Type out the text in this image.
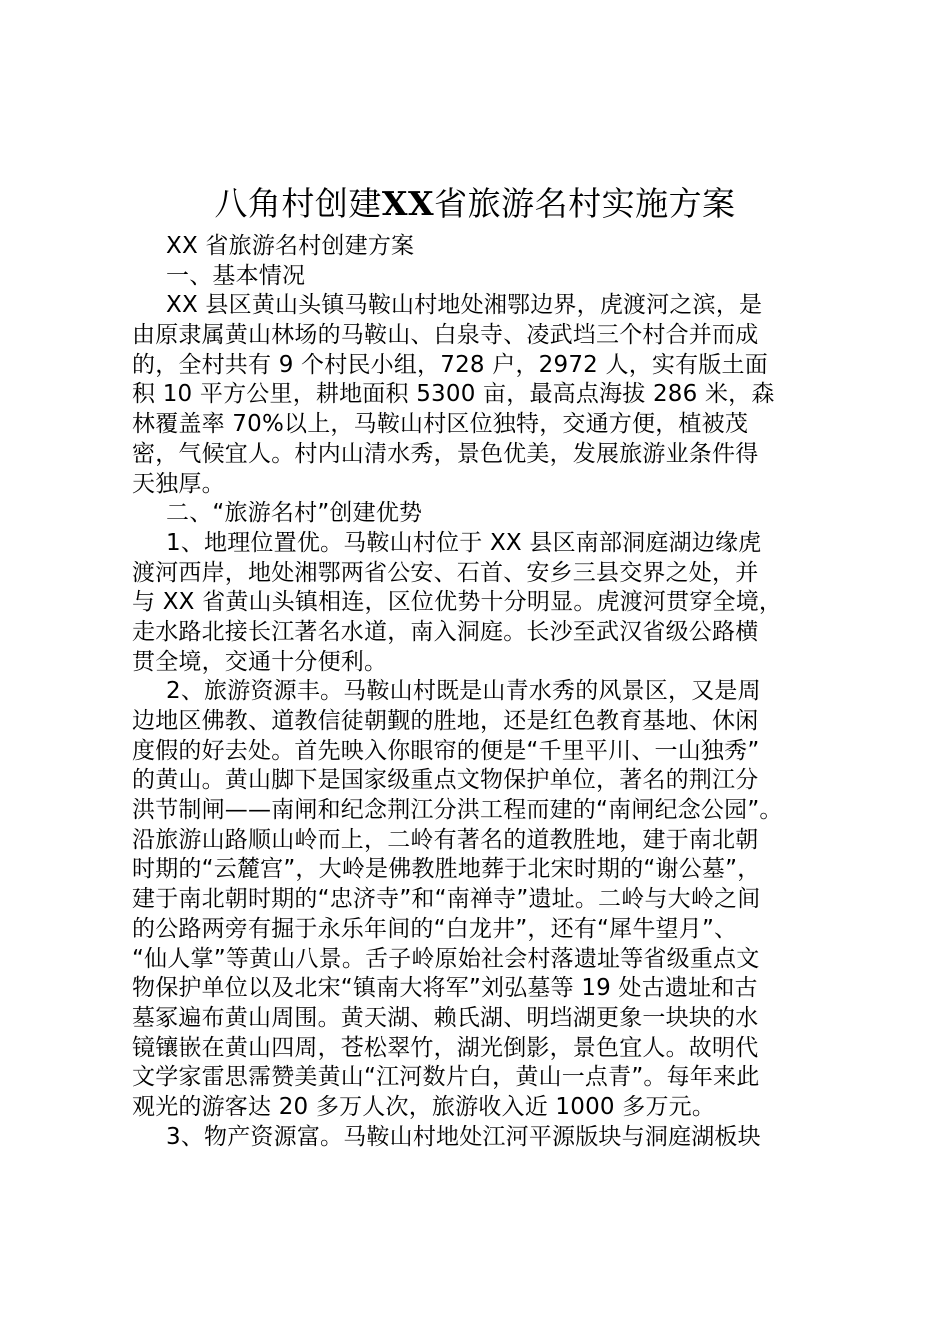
八角村创建XX省旅游名村实施方案
XX 省旅游名村创建方案
一、基本情况
XX 县区黄山头镇马鞍山村地处湘鄂边界，虎渡河之滨，是
由原隶属黄山林场的马鞍山、白泉寺、凌武垱三个村合并而成
的，全村共有 9 个村民小组，728 户，2972 人，实有版土面
积 10 平方公里，耕地面积 5300 亩，最高点海拔 286 米，森
林覆盖率 70%以上，马鞍山村区位独特，交通方便，植被茂
密，气候宜人。村内山清水秀，景色优美，发展旅游业条件得
天独厚。
二、“旅游名村”创建优势
1、地理位置优。马鞍山村位于 XX 县区南部洞庭湖边缘虎
渡河西岸，地处湘鄂两省公安、石首、安乡三县交界之处，并
与 XX 省黄山头镇相连，区位优势十分明显。虎渡河贯穿全境，
走水路北接长江著名水道，南入洞庭。长沙至武汉省级公路横
贯全境，交通十分便利。
2、旅游资源丰。马鞍山村既是山青水秀的风景区，又是周
边地区佛教、道教信徒朝觐的胜地，还是红色教育基地、休闲
度假的好去处。首先映入你眼帘的便是“千里平川、一山独秀”
的黄山。黄山脚下是国家级重点文物保护单位，著名的荆江分
洪节制闸——南闸和纪念荆江分洪工程而建的“南闸纪念公园”。
沿旅游山路顺山岭而上，二岭有著名的道教胜地，建于南北朝
时期的“云麓宫”，大岭是佛教胜地葬于北宋时期的“谢公墓”，
建于南北朝时期的“忠济寺”和“南禅寺”遗址。二岭与大岭之间
的公路两旁有掘于永乐年间的“白龙井”，还有“犀牛望月”、
“仙人掌”等黄山八景。舌子岭原始社会村落遗址等省级重点文
物保护单位以及北宋“镇南大将军”刘弘墓等 19 处古遗址和古
墓冢遍布黄山周围。黄天湖、赖氏湖、明垱湖更象一块块的水
镜镶嵌在黄山四周，苍松翠竹，湖光倒影，景色宜人。故明代
文学家雷思霈赞美黄山“江河数片白，黄山一点青”。每年来此
观光的游客达 20 多万人次，旅游收入近 1000 多万元。
3、物产资源富。马鞍山村地处江河平源版块与洞庭湖板块
